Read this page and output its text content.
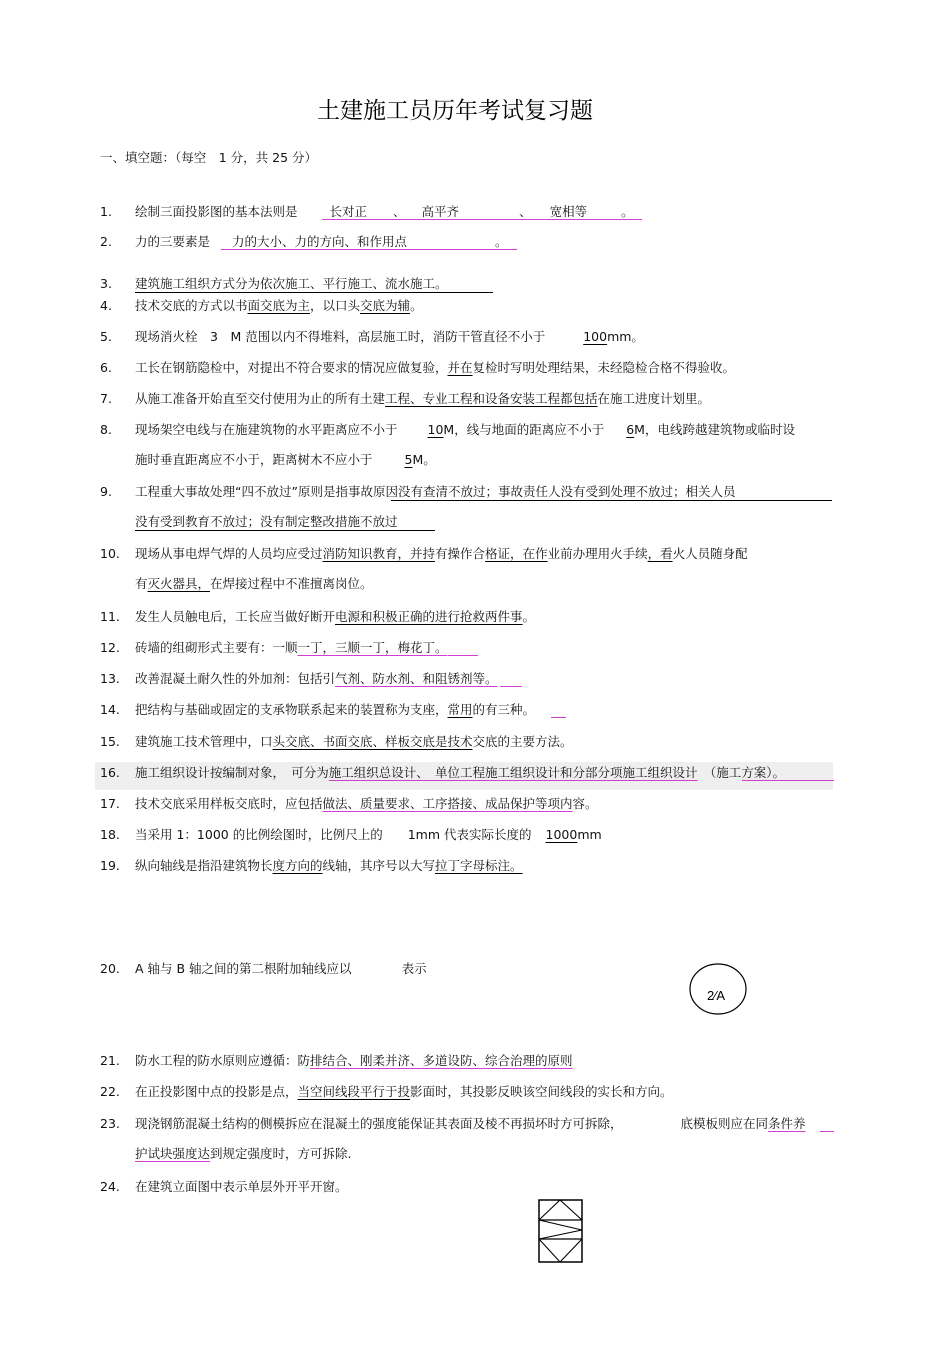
土建施工员历年考试复习题
一、填空题：（每空　1 分，共 25 分）
1. 绘制三面投影图的基本法则是	长对正 、 高平齐	、 宽相等	。
2. 力的三要素是 力的大小、力的方向、和作用点	。
3. 建筑施工组织方式分为依次施工、平行施工、流水施工。
4. 技术交底的方式以书面交底为主，以口头交底为辅。
5. 现场消火栓　3　M 范围以内不得堆料，高层施工时，消防干管直径不小于	100mm。
6. 工长在钢筋隐检中，对提出不符合要求的情况应做复验，并在复检时写明处理结果，未经隐检合格不得验收。
7. 从施工准备开始直至交付使用为止的所有土建工程、专业工程和设备安装工程都包括在施工进度计划里。
8. 现场架空电线与在施建筑物的水平距离应不小于 10M，线与地面的距离应不小于 6M，电线跨越建筑物或临时设
施时垂直距离应不小于，距离树木不应小于	5M。
9. 工程重大事故处理“四不放过”原则是指事故原因没有查清不放过；事故责任人没有受到处理不放过；相关人员
没有受到教育不放过；没有制定整改措施不放过
10. 现场从事电焊气焊的人员均应受过消防知识教育，并持有操作合格证，在作业前办理用火手续，看火人员随身配
有灭火器具，在焊接过程中不准擅离岗位。
11. 发生人员触电后，工长应当做好断开电源和积极正确的进行抢救两件事。
12. 砖墙的组砌形式主要有：一顺一丁，三顺一丁，梅花丁。
13. 改善混凝土耐久性的外加剂：包括引气剂、防水剂、和阻锈剂等。
14. 把结构与基础或固定的支承物联系起来的装置称为支座，常用的有三种。
15. 建筑施工技术管理中，口头交底、书面交底、样板交底是技术交底的主要方法。
16. 施工组织设计按编制对象，　可分为施工组织总设计、　单位工程施工组织设计和分部分项施工组织设计　（施工方案）。
17. 技术交底采用样板交底时，应包括做法、质量要求、工序搭接、成品保护等项内容。
18. 当采用 1：1000 的比例绘图时，比例尺上的　　1mm 代表实际长度的 1000mm
19. 纵向轴线是指沿建筑物长度方向的线轴，其序号以大写拉丁字母标注。
20. A 轴与 B 轴之间的第二根附加轴线应以	表示
2⁄A
21. 防水工程的防水原则应遵循：防排结合、刚柔并济、多道设防、综合治理的原则
22. 在正投影图中点的投影是点，当空间线段平行于投影面时，其投影反映该空间线段的实长和方向。
23. 现浇钢筋混凝土结构的侧模拆应在混凝土的强度能保证其表面及棱不再损坏时方可拆除，	底模板则应在同条件养
护试块强度达到规定强度时，方可拆除.
24. 在建筑立面图中表示单层外开平开窗。
